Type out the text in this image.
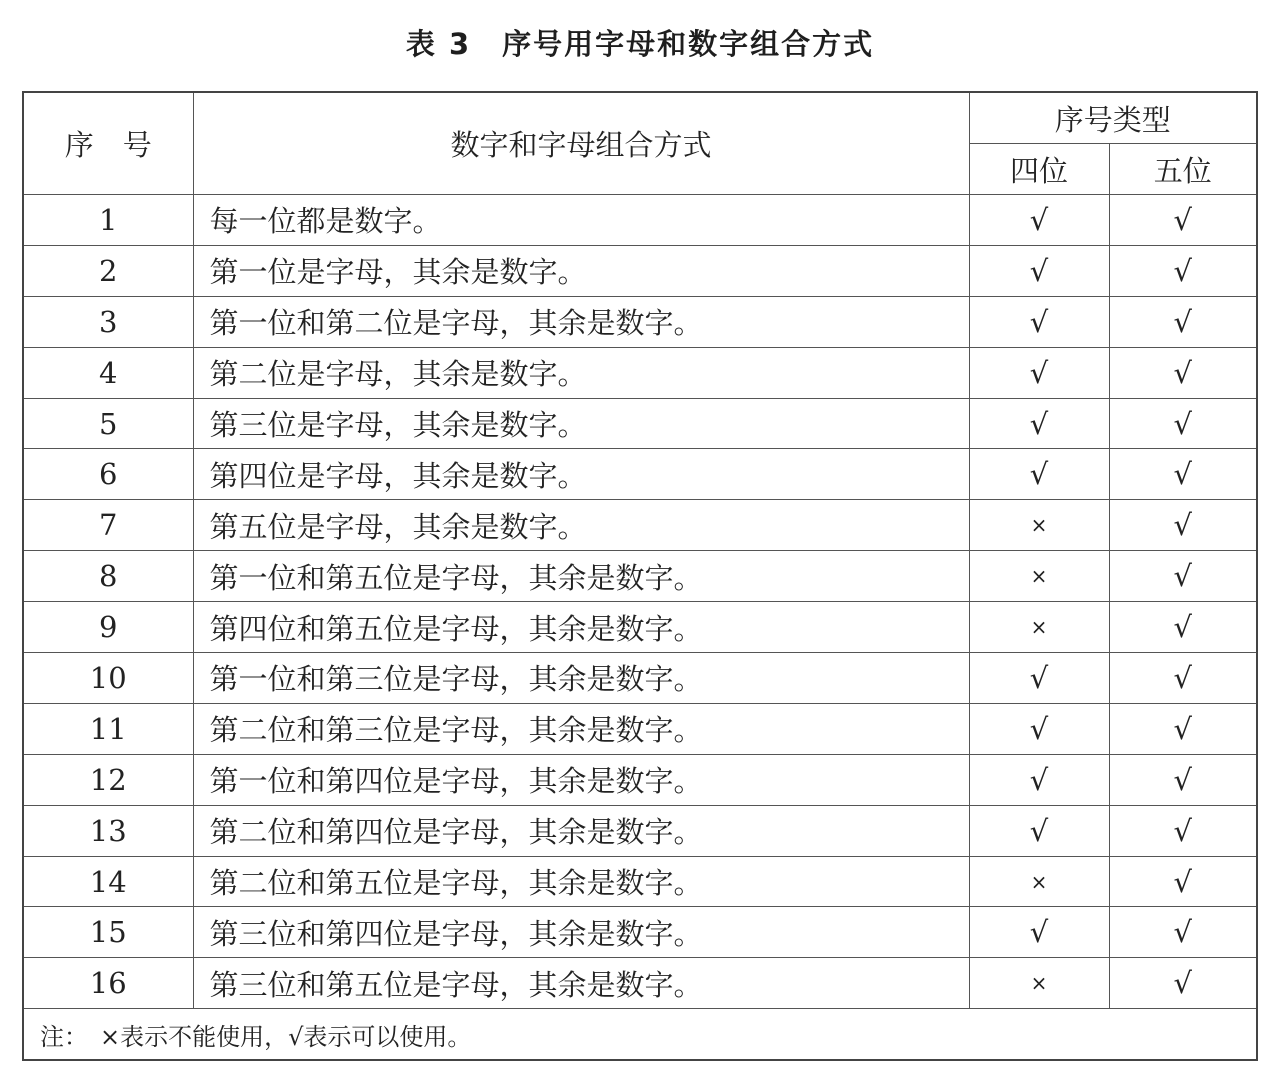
表 3　序号用字母和数字组合方式
序　号	数字和字母组合方式	序号类型	
		四位	五位
1	每一位都是数字。	√	√
2	第一位是字母，其余是数字。	√	√
3	第一位和第二位是字母，其余是数字。	√	√
4	第二位是字母，其余是数字。	√	√
5	第三位是字母，其余是数字。	√	√
6	第四位是字母，其余是数字。	√	√
7	第五位是字母，其余是数字。	×	√
8	第一位和第五位是字母，其余是数字。	×	√
9	第四位和第五位是字母，其余是数字。	×	√
10	第一位和第三位是字母，其余是数字。	√	√
11	第二位和第三位是字母，其余是数字。	√	√
12	第一位和第四位是字母，其余是数字。	√	√
13	第二位和第四位是字母，其余是数字。	√	√
14	第二位和第五位是字母，其余是数字。	×	√
15	第三位和第四位是字母，其余是数字。	√	√
16	第三位和第五位是字母，其余是数字。	×	√
注：　×表示不能使用，√表示可以使用。			
